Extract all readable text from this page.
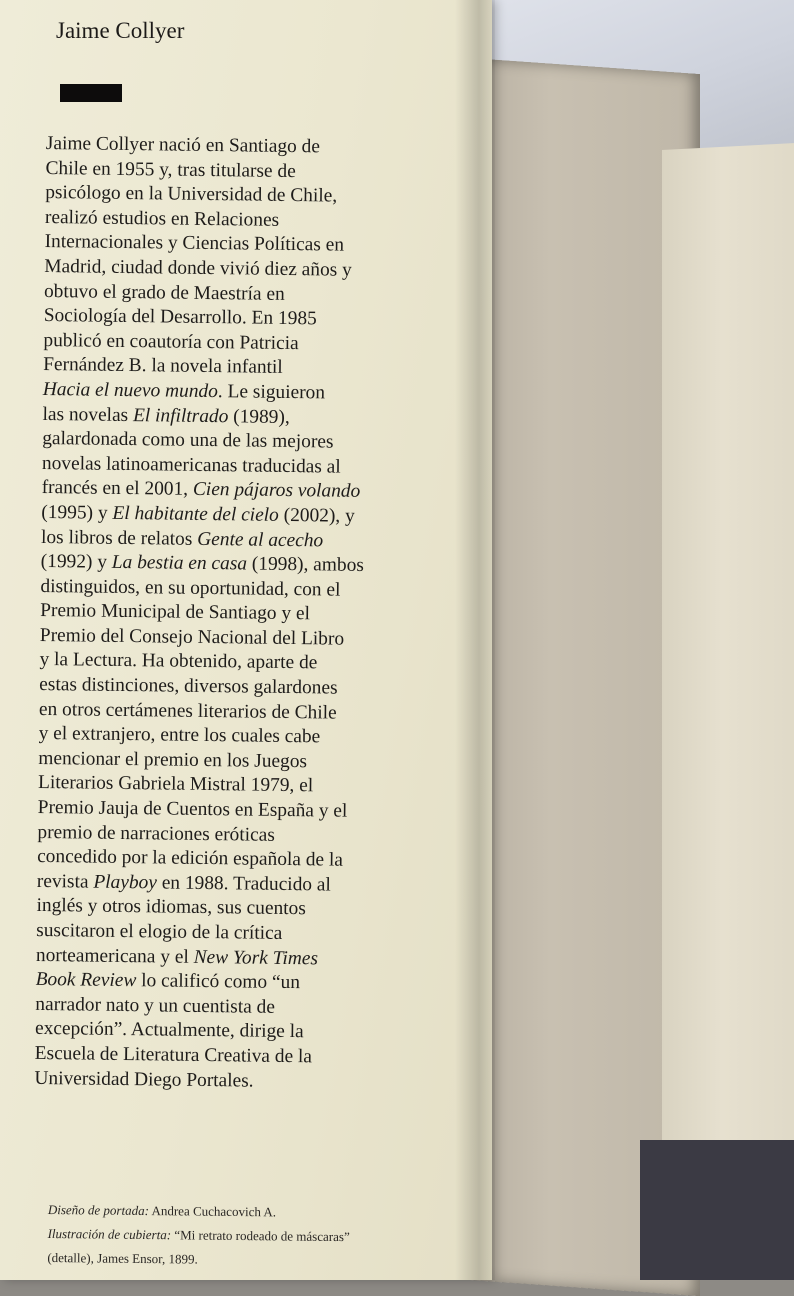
Jaime Collyer
Jaime Collyer nació en Santiago de
Chile en 1955 y, tras titularse de
psicólogo en la Universidad de Chile,
realizó estudios en Relaciones
Internacionales y Ciencias Políticas en
Madrid, ciudad donde vivió diez años y
obtuvo el grado de Maestría en
Sociología del Desarrollo. En 1985
publicó en coautoría con Patricia
Fernández B. la novela infantil
Hacia el nuevo mundo. Le siguieron
las novelas El infiltrado (1989),
galardonada como una de las mejores
novelas latinoamericanas traducidas al
francés en el 2001, Cien pájaros volando
(1995) y El habitante del cielo (2002), y
los libros de relatos Gente al acecho
(1992) y La bestia en casa (1998), ambos
distinguidos, en su oportunidad, con el
Premio Municipal de Santiago y el
Premio del Consejo Nacional del Libro
y la Lectura. Ha obtenido, aparte de
estas distinciones, diversos galardones
en otros certámenes literarios de Chile
y el extranjero, entre los cuales cabe
mencionar el premio en los Juegos
Literarios Gabriela Mistral 1979, el
Premio Jauja de Cuentos en España y el
premio de narraciones eróticas
concedido por la edición española de la
revista Playboy en 1988. Traducido al
inglés y otros idiomas, sus cuentos
suscitaron el elogio de la crítica
norteamericana y el New York Times
Book Review lo calificó como “un
narrador nato y un cuentista de
excepción”. Actualmente, dirige la
Escuela de Literatura Creativa de la
Universidad Diego Portales.
Diseño de portada: Andrea Cuchacovich A.
Ilustración de cubierta: “Mi retrato rodeado de máscaras”
(detalle), James Ensor, 1899.
